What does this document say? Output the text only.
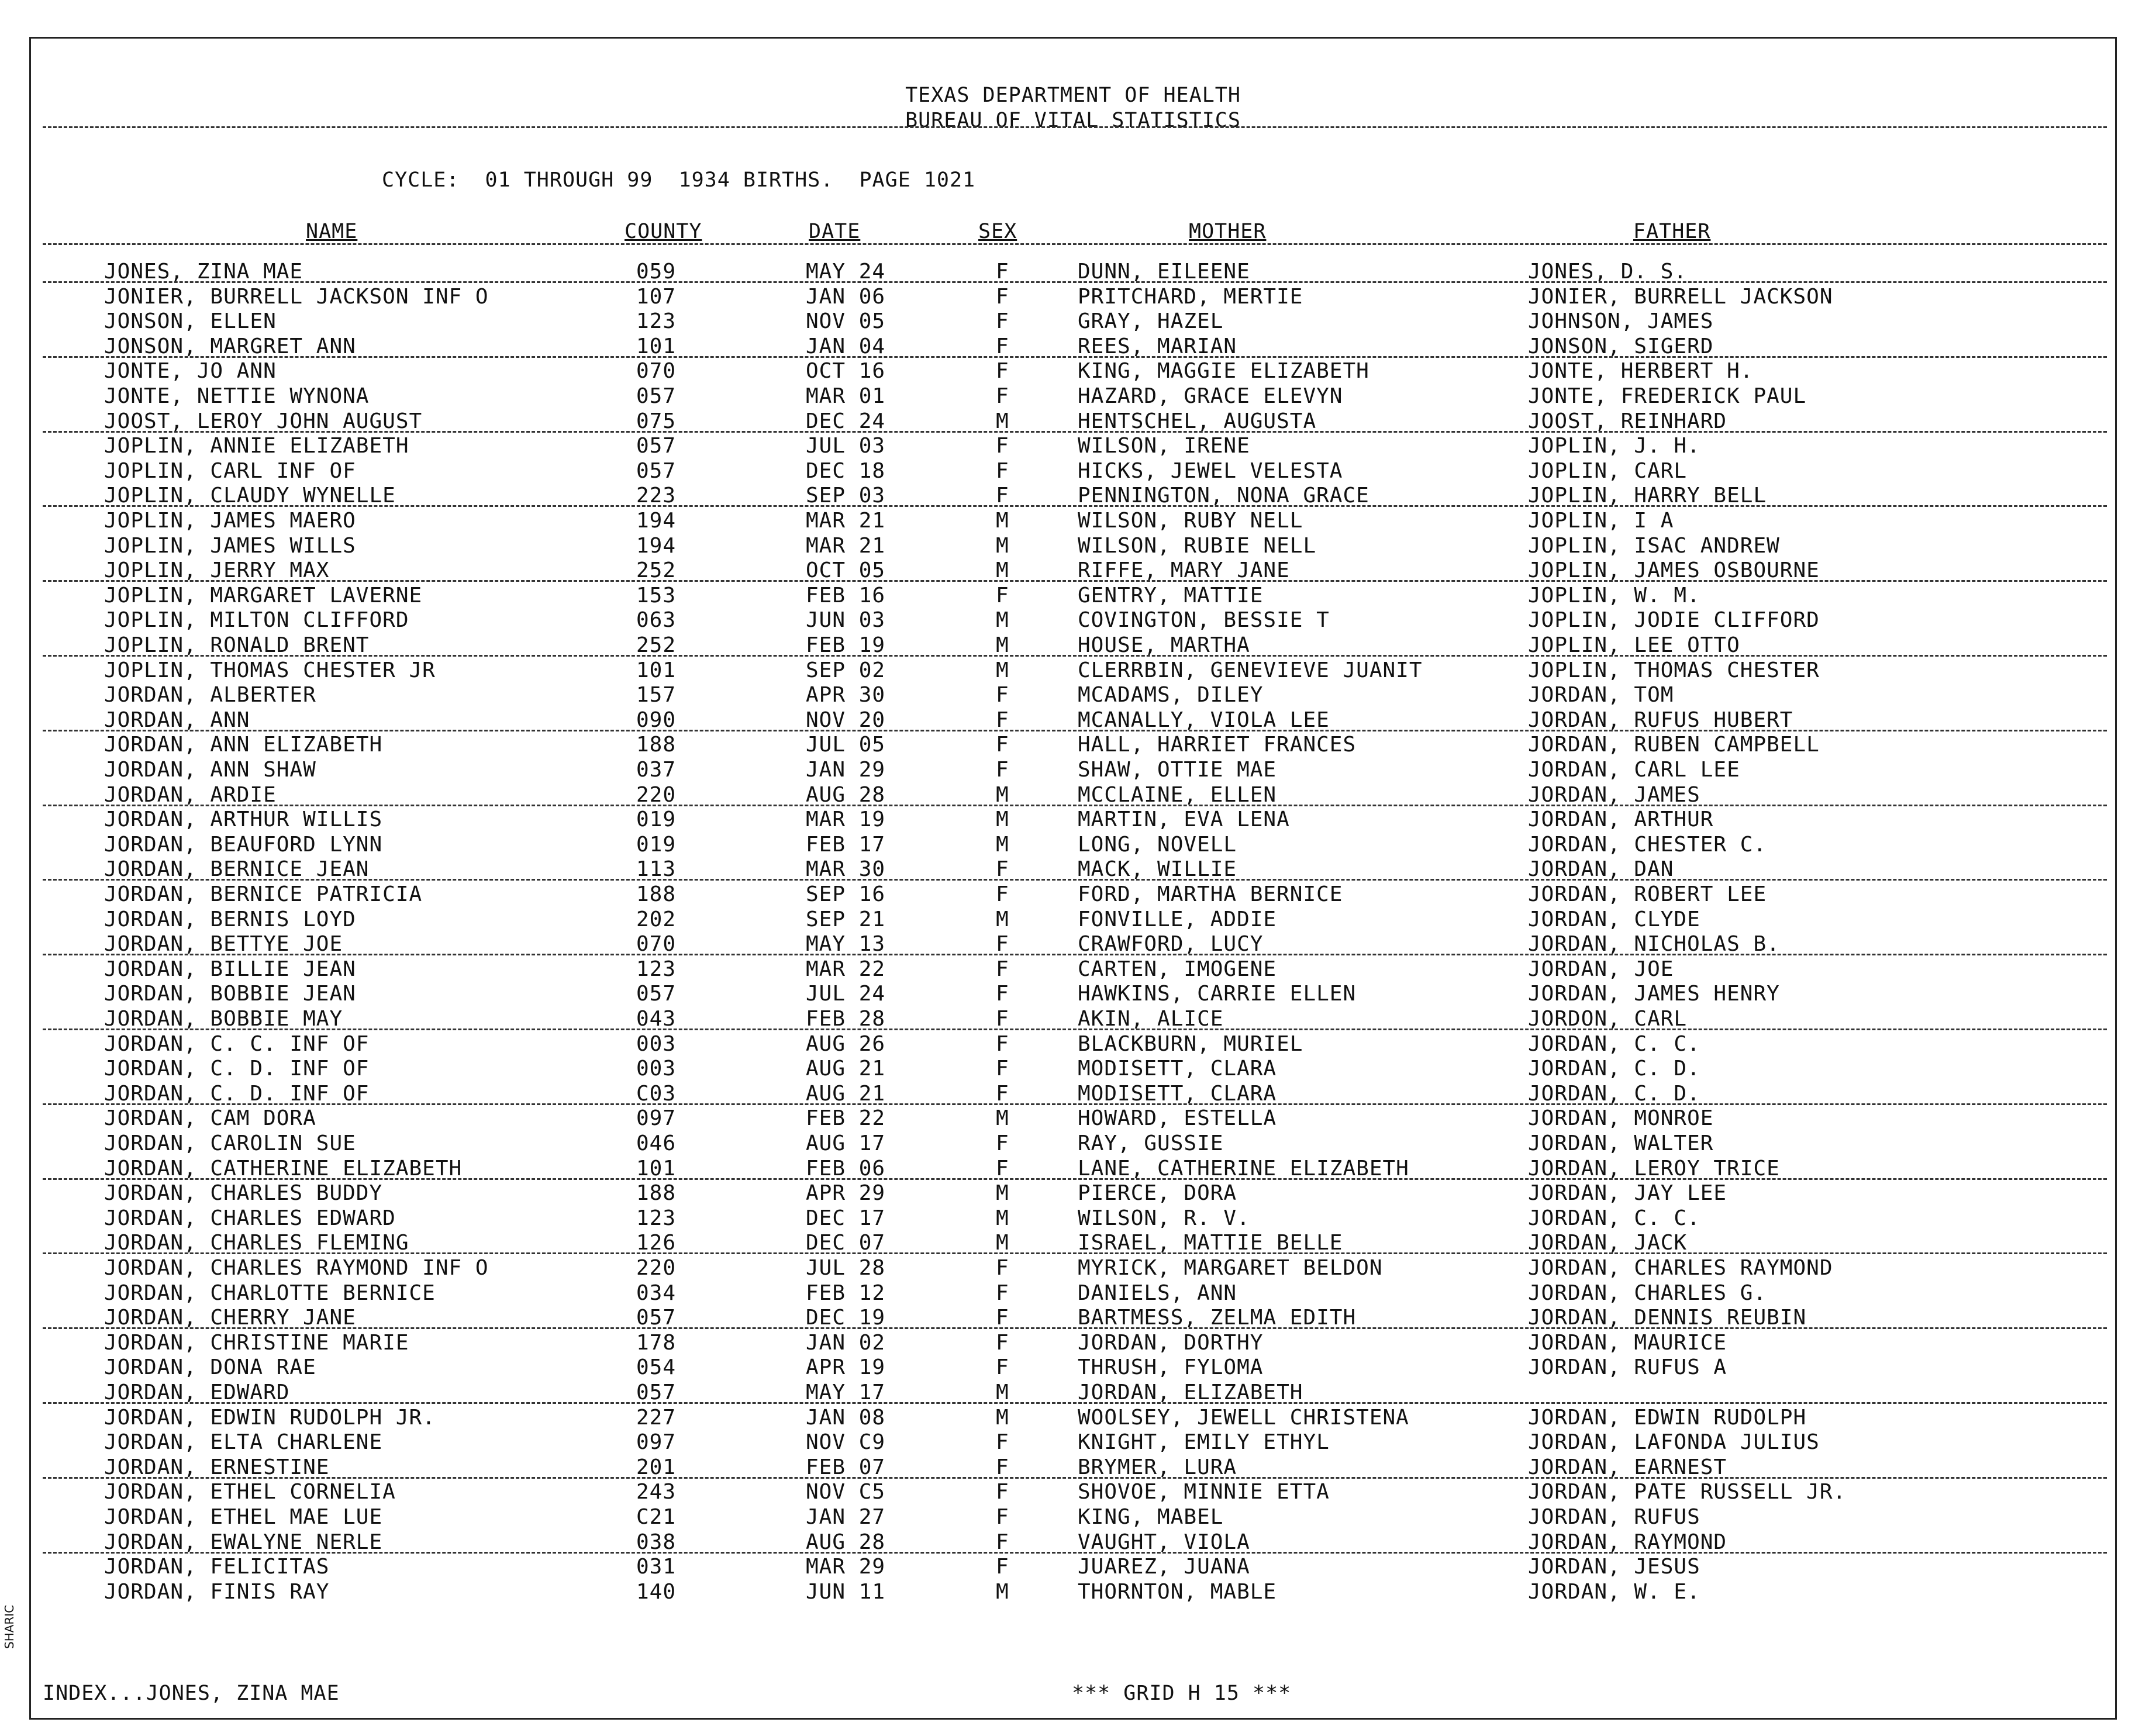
TEXAS DEPARTMENT OF HEALTH
BUREAU OF VITAL STATISTICS
CYCLE: 01 THROUGH 99 1934 BIRTHS. PAGE 1021
NAME	COUNTY	DATE	SEX	MOTHER	FATHER
JONES, ZINA MAE	059	MAY 24	F	DUNN, EILEENE	JONES, D. S.
JONIER, BURRELL JACKSON INF O	107	JAN 06	F	PRITCHARD, MERTIE	JONIER, BURRELL JACKSON
JONSON, ELLEN	123	NOV 05	F	GRAY, HAZEL	JOHNSON, JAMES
JONSON, MARGRET ANN	101	JAN 04	F	REES, MARIAN	JONSON, SIGERD
JONTE, JO ANN	070	OCT 16	F	KING, MAGGIE ELIZABETH	JONTE, HERBERT H.
JONTE, NETTIE WYNONA	057	MAR 01	F	HAZARD, GRACE ELEVYN	JONTE, FREDERICK PAUL
JOOST, LEROY JOHN AUGUST	075	DEC 24	M	HENTSCHEL, AUGUSTA	JOOST, REINHARD
JOPLIN, ANNIE ELIZABETH	057	JUL 03	F	WILSON, IRENE	JOPLIN, J. H.
JOPLIN, CARL INF OF	057	DEC 18	F	HICKS, JEWEL VELESTA	JOPLIN, CARL
JOPLIN, CLAUDY WYNELLE	223	SEP 03	F	PENNINGTON, NONA GRACE	JOPLIN, HARRY BELL
JOPLIN, JAMES MAERO	194	MAR 21	M	WILSON, RUBY NELL	JOPLIN, I A
JOPLIN, JAMES WILLS	194	MAR 21	M	WILSON, RUBIE NELL	JOPLIN, ISAC ANDREW
JOPLIN, JERRY MAX	252	OCT 05	M	RIFFE, MARY JANE	JOPLIN, JAMES OSBOURNE
JOPLIN, MARGARET LAVERNE	153	FEB 16	F	GENTRY, MATTIE	JOPLIN, W. M.
JOPLIN, MILTON CLIFFORD	063	JUN 03	M	COVINGTON, BESSIE T	JOPLIN, JODIE CLIFFORD
JOPLIN, RONALD BRENT	252	FEB 19	M	HOUSE, MARTHA	JOPLIN, LEE OTTO
JOPLIN, THOMAS CHESTER JR	101	SEP 02	M	CLERRBIN, GENEVIEVE JUANIT	JOPLIN, THOMAS CHESTER
JORDAN, ALBERTER	157	APR 30	F	MCADAMS, DILEY	JORDAN, TOM
JORDAN, ANN	090	NOV 20	F	MCANALLY, VIOLA LEE	JORDAN, RUFUS HUBERT
JORDAN, ANN ELIZABETH	188	JUL 05	F	HALL, HARRIET FRANCES	JORDAN, RUBEN CAMPBELL
JORDAN, ANN SHAW	037	JAN 29	F	SHAW, OTTIE MAE	JORDAN, CARL LEE
JORDAN, ARDIE	220	AUG 28	M	MCCLAINE, ELLEN	JORDAN, JAMES
JORDAN, ARTHUR WILLIS	019	MAR 19	M	MARTIN, EVA LENA	JORDAN, ARTHUR
JORDAN, BEAUFORD LYNN	019	FEB 17	M	LONG, NOVELL	JORDAN, CHESTER C.
JORDAN, BERNICE JEAN	113	MAR 30	F	MACK, WILLIE	JORDAN, DAN
JORDAN, BERNICE PATRICIA	188	SEP 16	F	FORD, MARTHA BERNICE	JORDAN, ROBERT LEE
JORDAN, BERNIS LOYD	202	SEP 21	M	FONVILLE, ADDIE	JORDAN, CLYDE
JORDAN, BETTYE JOE	070	MAY 13	F	CRAWFORD, LUCY	JORDAN, NICHOLAS B.
JORDAN, BILLIE JEAN	123	MAR 22	F	CARTEN, IMOGENE	JORDAN, JOE
JORDAN, BOBBIE JEAN	057	JUL 24	F	HAWKINS, CARRIE ELLEN	JORDAN, JAMES HENRY
JORDAN, BOBBIE MAY	043	FEB 28	F	AKIN, ALICE	JORDON, CARL
JORDAN, C. C. INF OF	003	AUG 26	F	BLACKBURN, MURIEL	JORDAN, C. C.
JORDAN, C. D. INF OF	003	AUG 21	F	MODISETT, CLARA	JORDAN, C. D.
JORDAN, C. D. INF OF	C03	AUG 21	F	MODISETT, CLARA	JORDAN, C. D.
JORDAN, CAM DORA	097	FEB 22	M	HOWARD, ESTELLA	JORDAN, MONROE
JORDAN, CAROLIN SUE	046	AUG 17	F	RAY, GUSSIE	JORDAN, WALTER
JORDAN, CATHERINE ELIZABETH	101	FEB 06	F	LANE, CATHERINE ELIZABETH	JORDAN, LEROY TRICE
JORDAN, CHARLES BUDDY	188	APR 29	M	PIERCE, DORA	JORDAN, JAY LEE
JORDAN, CHARLES EDWARD	123	DEC 17	M	WILSON, R. V.	JORDAN, C. C.
JORDAN, CHARLES FLEMING	126	DEC 07	M	ISRAEL, MATTIE BELLE	JORDAN, JACK
JORDAN, CHARLES RAYMOND INF O	220	JUL 28	F	MYRICK, MARGARET BELDON	JORDAN, CHARLES RAYMOND
JORDAN, CHARLOTTE BERNICE	034	FEB 12	F	DANIELS, ANN	JORDAN, CHARLES G.
JORDAN, CHERRY JANE	057	DEC 19	F	BARTMESS, ZELMA EDITH	JORDAN, DENNIS REUBIN
JORDAN, CHRISTINE MARIE	178	JAN 02	F	JORDAN, DORTHY	JORDAN, MAURICE
JORDAN, DONA RAE	054	APR 19	F	THRUSH, FYLOMA	JORDAN, RUFUS A
JORDAN, EDWARD	057	MAY 17	M	JORDAN, ELIZABETH
JORDAN, EDWIN RUDOLPH JR.	227	JAN 08	M	WOOLSEY, JEWELL CHRISTENA	JORDAN, EDWIN RUDOLPH
JORDAN, ELTA CHARLENE	097	NOV C9	F	KNIGHT, EMILY ETHYL	JORDAN, LAFONDA JULIUS
JORDAN, ERNESTINE	201	FEB 07	F	BRYMER, LURA	JORDAN, EARNEST
JORDAN, ETHEL CORNELIA	243	NOV C5	F	SHOVOE, MINNIE ETTA	JORDAN, PATE RUSSELL JR.
JORDAN, ETHEL MAE LUE	C21	JAN 27	F	KING, MABEL	JORDAN, RUFUS
JORDAN, EWALYNE NERLE	038	AUG 28	F	VAUGHT, VIOLA	JORDAN, RAYMOND
JORDAN, FELICITAS	031	MAR 29	F	JUAREZ, JUANA	JORDAN, JESUS
JORDAN, FINIS RAY	140	JUN 11	M	THORNTON, MABLE	JORDAN, W. E.
INDEX...JONES, ZINA MAE	*** GRID H 15 ***
SHARIC
